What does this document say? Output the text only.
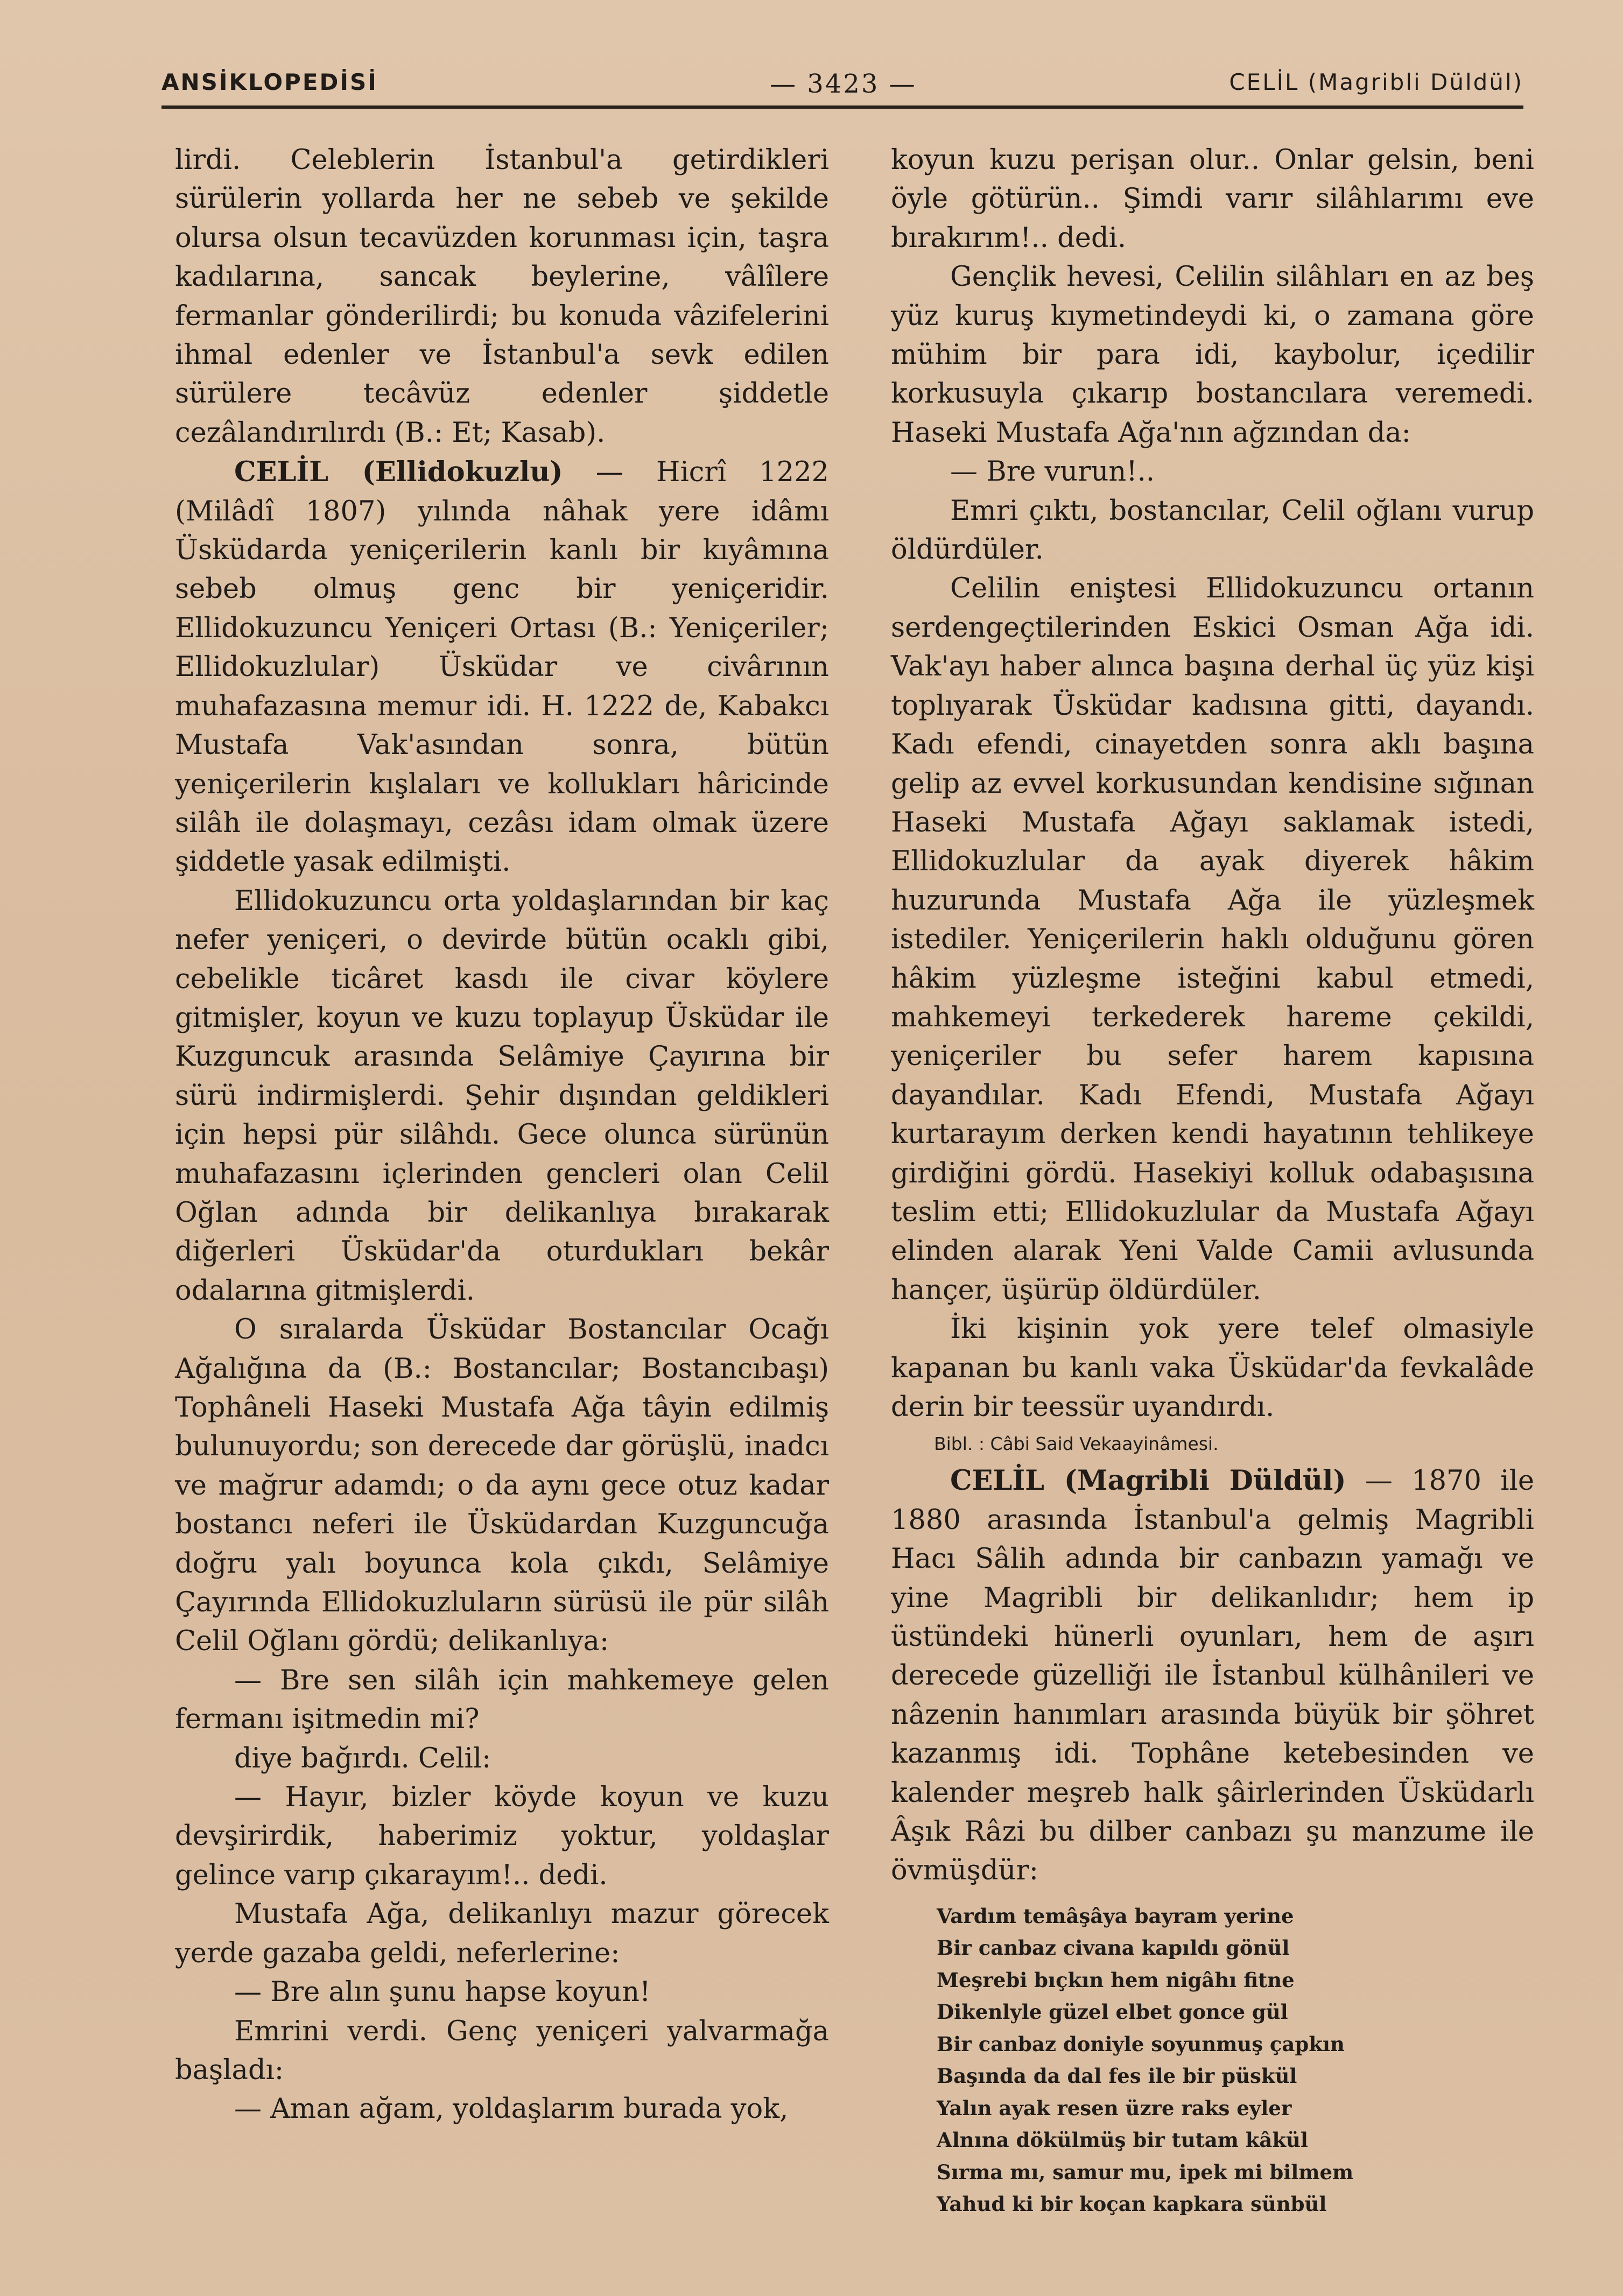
ANSİKLOPEDİSİ	— 3423 —	CELİL (Magribli Düldül)

lirdi. Celeblerin İstanbul'a getirdikleri sürülerin yollarda her ne sebeb ve şekilde olursa olsun tecavüzden korunması için, taşra kadılarına, sancak beylerine, vâlîlere fermanlar gönderilirdi; bu konuda vâzifelerini ihmal edenler ve İstanbul'a sevk edilen sürülere tecâvüz edenler şiddetle cezâlandırılırdı (B.: Et; Kasab).

CELİL (Ellidokuzlu) — Hicrî 1222 (Milâdî 1807) yılında nâhak yere idâmı Üsküdarda yeniçerilerin kanlı bir kıyâmına sebeb olmuş genc bir yeniçeridir. Ellidokuzuncu Yeniçeri Ortası (B.: Yeniçeriler; Ellidokuzlular) Üsküdar ve civârının muhafazasına memur idi. H. 1222 de, Kabakcı Mustafa Vak'asından sonra, bütün yeniçerilerin kışlaları ve kollukları hâricinde silâh ile dolaşmayı, cezâsı idam olmak üzere şiddetle yasak edilmişti.

Ellidokuzuncu orta yoldaşlarından bir kaç nefer yeniçeri, o devirde bütün ocaklı gibi, cebelikle ticâret kasdı ile civar köylere gitmişler, koyun ve kuzu toplayup Üsküdar ile Kuzguncuk arasında Selâmiye Çayırına bir sürü indirmişlerdi. Şehir dışından geldikleri için hepsi pür silâhdı. Gece olunca sürünün muhafazasını içlerinden gencleri olan Celil Oğlan adında bir delikanlıya bırakarak diğerleri Üsküdar'da oturdukları bekâr odalarına gitmişlerdi.

O sıralarda Üsküdar Bostancılar Ocağı Ağalığına da (B.: Bostancılar; Bostancıbaşı) Tophâneli Haseki Mustafa Ağa tâyin edilmiş bulunuyordu; son derecede dar görüşlü, inadcı ve mağrur adamdı; o da aynı gece otuz kadar bostancı neferi ile Üsküdardan Kuzguncuğa doğru yalı boyunca kola çıkdı, Selâmiye Çayırında Ellidokuzluların sürüsü ile pür silâh Celil Oğlanı gördü; delikanlıya:

— Bre sen silâh için mahkemeye gelen fermanı işitmedin mi?

diye bağırdı. Celil:

— Hayır, bizler köyde koyun ve kuzu devşirirdik, haberimiz yoktur, yoldaşlar gelince varıp çıkarayım!.. dedi.

Mustafa Ağa, delikanlıyı mazur görecek yerde gazaba geldi, neferlerine:

— Bre alın şunu hapse koyun!

Emrini verdi. Genç yeniçeri yalvarmağa başladı:

— Aman ağam, yoldaşlarım burada yok,

koyun kuzu perişan olur.. Onlar gelsin, beni öyle götürün.. Şimdi varır silâhlarımı eve bırakırım!.. dedi.

Gençlik hevesi, Celilin silâhları en az beş yüz kuruş kıymetindeydi ki, o zamana göre mühim bir para idi, kaybolur, içedilir korkusuyla çıkarıp bostancılara veremedi. Haseki Mustafa Ağa'nın ağzından da:

— Bre vurun!..

Emri çıktı, bostancılar, Celil oğlanı vurup öldürdüler.

Celilin eniştesi Ellidokuzuncu ortanın serdengeçtilerinden Eskici Osman Ağa idi. Vak'ayı haber alınca başına derhal üç yüz kişi toplıyarak Üsküdar kadısına gitti, dayandı. Kadı efendi, cinayetden sonra aklı başına gelip az evvel korkusundan kendisine sığınan Haseki Mustafa Ağayı saklamak istedi, Ellidokuzlular da ayak diyerek hâkim huzurunda Mustafa Ağa ile yüzleşmek istediler. Yeniçerilerin haklı olduğunu gören hâkim yüzleşme isteğini kabul etmedi, mahkemeyi terkederek hareme çekildi, yeniçeriler bu sefer harem kapısına dayandılar. Kadı Efendi, Mustafa Ağayı kurtarayım derken kendi hayatının tehlikeye girdiğini gördü. Hasekiyi kolluk odabaşısına teslim etti; Ellidokuzlular da Mustafa Ağayı elinden alarak Yeni Valde Camii avlusunda hançer, üşürüp öldürdüler.

İki kişinin yok yere telef olmasiyle kapanan bu kanlı vaka Üsküdar'da fevkalâde derin bir teessür uyandırdı.

Bibl. : Câbi Said Vekaayinâmesi.

CELİL (Magribli Düldül) — 1870 ile 1880 arasında İstanbul'a gelmiş Magribli Hacı Sâlih adında bir canbazın yamağı ve yine Magribli bir delikanlıdır; hem ip üstündeki hünerli oyunları, hem de aşırı derecede güzelliği ile İstanbul külhânileri ve nâzenin hanımları arasında büyük bir şöhret kazanmış idi. Tophâne ketebesinden ve kalender meşreb halk şâirlerinden Üsküdarlı Âşık Râzi bu dilber canbazı şu manzume ile övmüşdür:

Vardım temâşâya bayram yerine
Bir canbaz civana kapıldı gönül
Meşrebi bıçkın hem nigâhı fitne
Dikenlyle güzel elbet gonce gül
Bir canbaz doniyle soyunmuş çapkın
Başında da dal fes ile bir püskül
Yalın ayak resen üzre raks eyler
Alnına dökülmüş bir tutam kâkül
Sırma mı, samur mu, ipek mi bilmem
Yahud ki bir koçan kapkara sünbül
